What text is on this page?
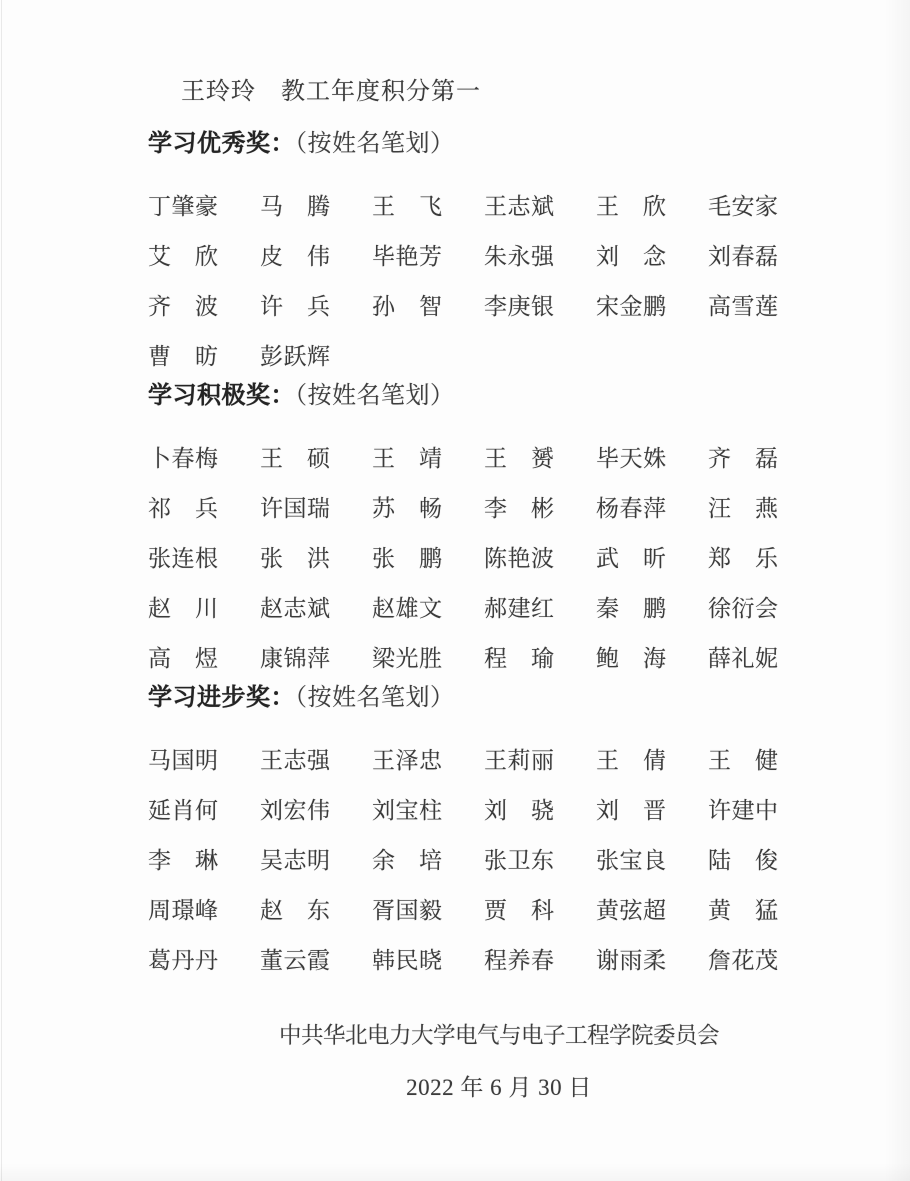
王玲玲　教工年度积分第一

学习优秀奖：（按姓名笔划）

丁肇豪 马　腾 王　飞 王志斌 王　欣 毛安家
艾　欣 皮　伟 毕艳芳 朱永强 刘　念 刘春磊
齐　波 许　兵 孙　智 李庚银 宋金鹏 高雪莲
曹　昉 彭跃辉

学习积极奖：（按姓名笔划）

卜春梅 王　硕 王　靖 王　赟 毕天姝 齐　磊
祁　兵 许国瑞 苏　畅 李　彬 杨春萍 汪　燕
张连根 张　洪 张　鹏 陈艳波 武　昕 郑　乐
赵　川 赵志斌 赵雄文 郝建红 秦　鹏 徐衍会
高　煜 康锦萍 梁光胜 程　瑜 鲍　海 薛礼妮

学习进步奖：（按姓名笔划）

马国明 王志强 王泽忠 王莉丽 王　倩 王　健
延肖何 刘宏伟 刘宝柱 刘　骁 刘　晋 许建中
李　琳 吴志明 余　培 张卫东 张宝良 陆　俊
周璟峰 赵　东 胥国毅 贾　科 黄弦超 黄　猛
葛丹丹 董云霞 韩民晓 程养春 谢雨柔 詹花茂

中共华北电力大学电气与电子工程学院委员会

2022 年 6 月 30 日
